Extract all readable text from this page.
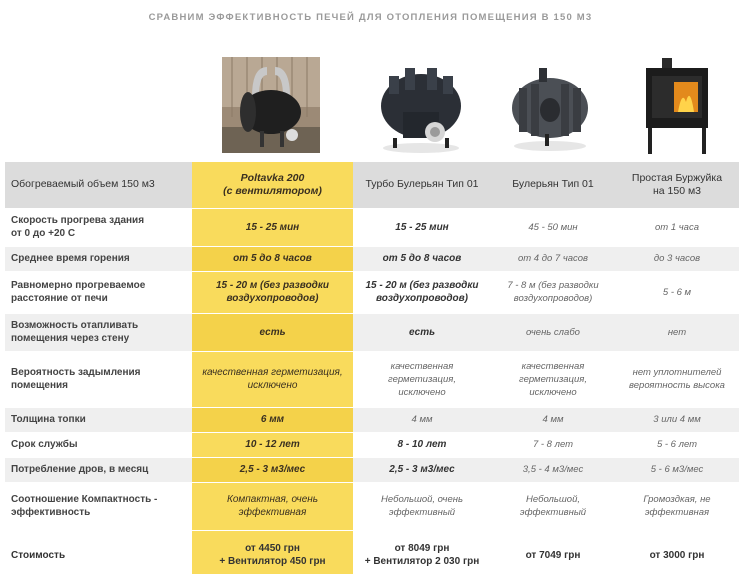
СРАВНИМ ЭФФЕКТИВНОСТЬ ПЕЧЕЙ ДЛЯ ОТОПЛЕНИЯ ПОМЕЩЕНИЯ В 150 М3
Обогреваемый объем 150 м3	Poltavka 200
(с вентилятором)	Турбо Булерьян Тип 01	Булерьян Тип 01	Простая Буржуйка
на 150 м3
Скорость прогрева здания
от 0 до +20 С	15 - 25 мин	15 - 25 мин	45 - 50 мин	от 1 часа
Среднее время горения	от 5 до 8 часов	от 5 до 8 часов	от 4 до 7 часов	до 3 часов
Равномерно прогреваемое
расстояние от печи	15 - 20 м (без разводки
воздухопроводов)	15 - 20 м (без разводки
воздухопроводов)	7 - 8 м (без разводки
воздухопроводов)	5 - 6 м
Возможность отапливать
помещения через стену	есть	есть	очень слабо	нет
Вероятность задымления
помещения	качественная герметизация,
исключено	качественная
герметизация,
исключено	качественная
герметизация,
исключено	нет уплотнителей
вероятность высока
Толщина топки	6 мм	4 мм	4 мм	3 или 4 мм
Срок службы	10 - 12 лет	8 - 10 лет	7 - 8 лет	5 - 6 лет
Потребление дров, в месяц	2,5 - 3 м3/мес	2,5 - 3 м3/мес	3,5 - 4 м3/мес	5 - 6 м3/мес
Соотношение Компактность -
эффективность	Компактная, очень
эффективная	Небольшой, очень
эффективный	Небольшой,
эффективный	Громоздкая, не
эффективная
Стоимость	от 4450 грн
+ Вентилятор 450 грн	от 8049 грн
+ Вентилятор 2 030 грн	от 7049 грн	от 3000 грн
